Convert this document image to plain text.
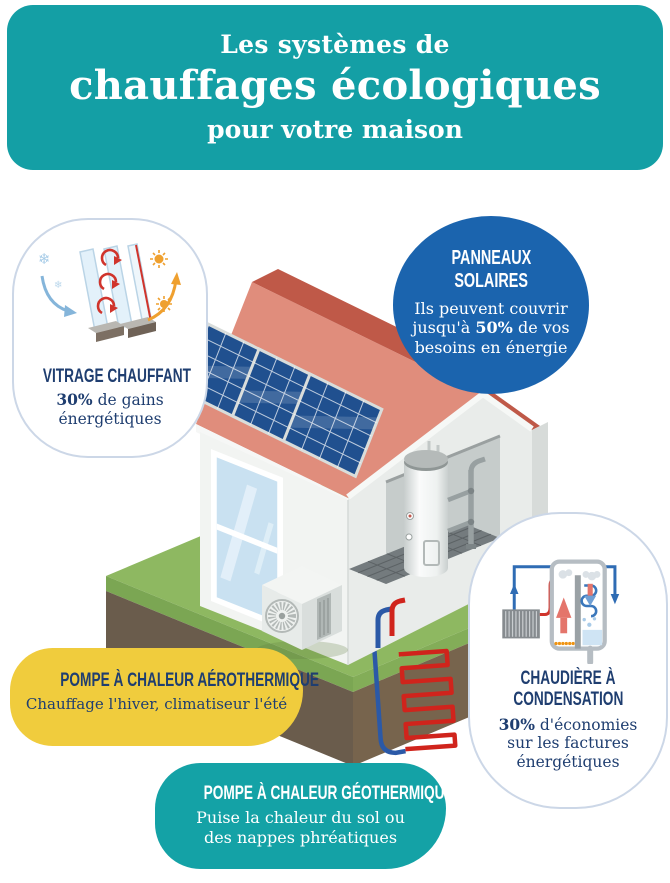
Les systèmes de
chauffages écologiques
pour votre maison
❄
❄
VITRAGE CHAUFFANT
30% de gains
énergétiques
PANNEAUX
SOLAIRES
Ils peuvent couvrir
jusqu'à 50% de vos
besoins en énergie
POMPE À CHALEUR AÉROTHERMIQUE
Chauffage l'hiver, climatiseur l'été
CHAUDIÈRE À
CONDENSATION
30% d'économies
sur les factures
énergétiques
POMPE À CHALEUR GÉOTHERMIQUE
Puise la chaleur du sol ou
des nappes phréatiques
